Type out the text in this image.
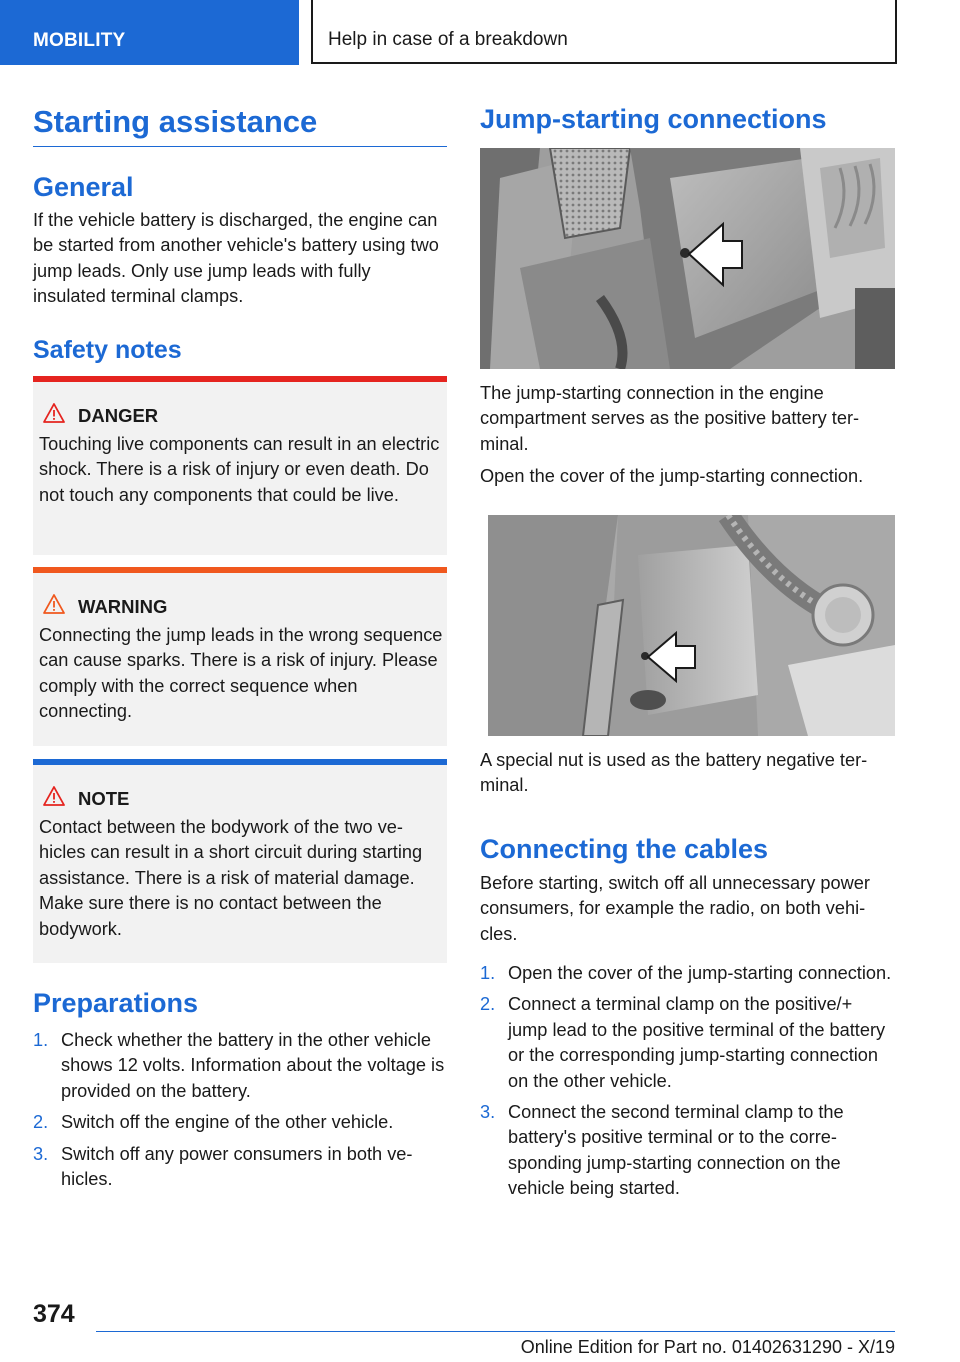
MOBILITY	Help in case of a breakdown
Starting assistance
General

If the vehicle battery is discharged, the engine can be started from another vehicle's battery using two jump leads. Only use jump leads with fully insulated terminal clamps.

Safety notes
DANGER

Touching live components can result in an electric shock. There is a risk of injury or even death. Do not touch any components that could be live.

WARNING

Connecting the jump leads in the wrong sequence can cause sparks. There is a risk of injury. Please comply with the correct sequence when connecting.

NOTE

Contact between the bodywork of the two vehicles can result in a short circuit during starting assistance. There is a risk of material damage. Make sure there is no contact between the bodywork.

Preparations
1. Check whether the battery in the other vehicle shows 12 volts. Information about the voltage is provided on the battery.
2. Switch off the engine of the other vehicle.
3. Switch off any power consumers in both vehicles.
Jump-starting connections

The jump-starting connection in the engine compartment serves as the positive battery terminal.

Open the cover of the jump-starting connection.

A special nut is used as the battery negative terminal.

Connecting the cables

Before starting, switch off all unnecessary power consumers, for example the radio, on both vehicles.

1. Open the cover of the jump-starting connection.
2. Connect a terminal clamp on the positive/+ jump lead to the positive terminal of the battery or the corresponding jump-starting connection on the other vehicle.
3. Connect the second terminal clamp to the battery's positive terminal or to the corresponding jump-starting connection on the vehicle being started.
374
Online Edition for Part no. 01402631290 - X/19
